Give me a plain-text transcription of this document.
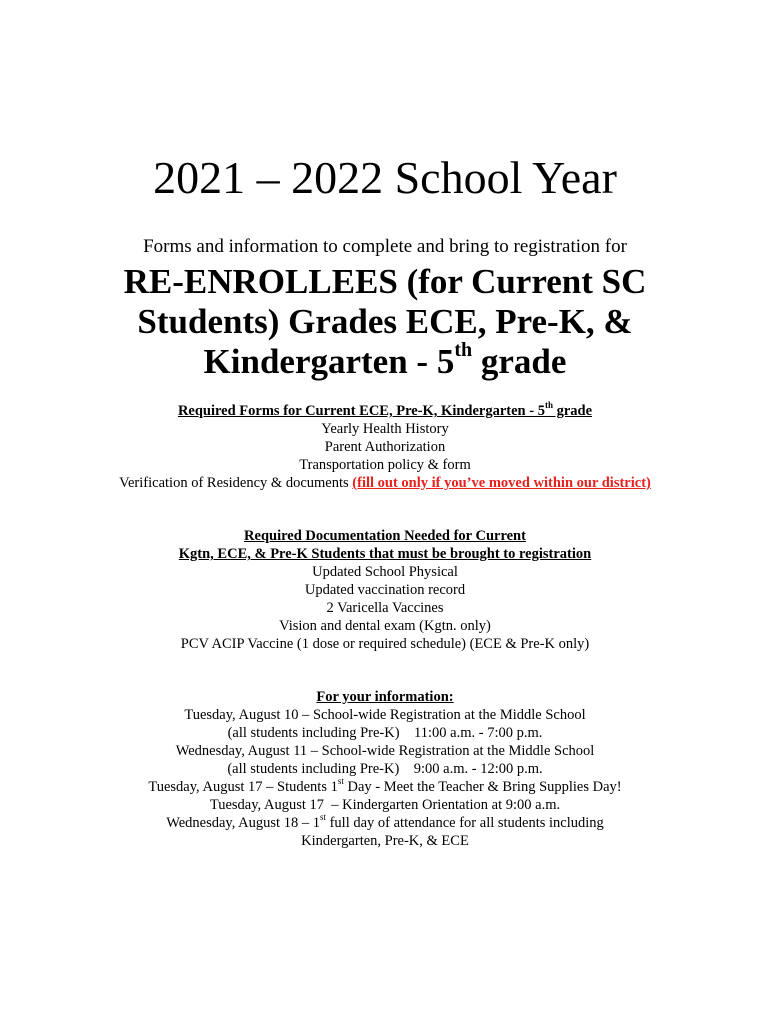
2021 – 2022 School Year
Forms and information to complete and bring to registration for
RE-ENROLLEES (for Current SC
Students) Grades ECE, Pre-K, &
Kindergarten - 5th grade
Required Forms for Current ECE, Pre-K, Kindergarten - 5th grade
Yearly Health History
Parent Authorization
Transportation policy & form
Verification of Residency & documents (fill out only if you’ve moved within our district)
Required Documentation Needed for Current
Kgtn, ECE, & Pre-K Students that must be brought to registration
Updated School Physical
Updated vaccination record
2 Varicella Vaccines
Vision and dental exam (Kgtn. only)
PCV ACIP Vaccine (1 dose or required schedule) (ECE & Pre-K only)
For your information:
Tuesday, August 10 – School-wide Registration at the Middle School
(all students including Pre-K)    11:00 a.m. - 7:00 p.m.
Wednesday, August 11 – School-wide Registration at the Middle School
(all students including Pre-K)    9:00 a.m. - 12:00 p.m.
Tuesday, August 17 – Students 1st Day - Meet the Teacher & Bring Supplies Day!
Tuesday, August 17  – Kindergarten Orientation at 9:00 a.m.
Wednesday, August 18 – 1st full day of attendance for all students including
Kindergarten, Pre-K, & ECE
